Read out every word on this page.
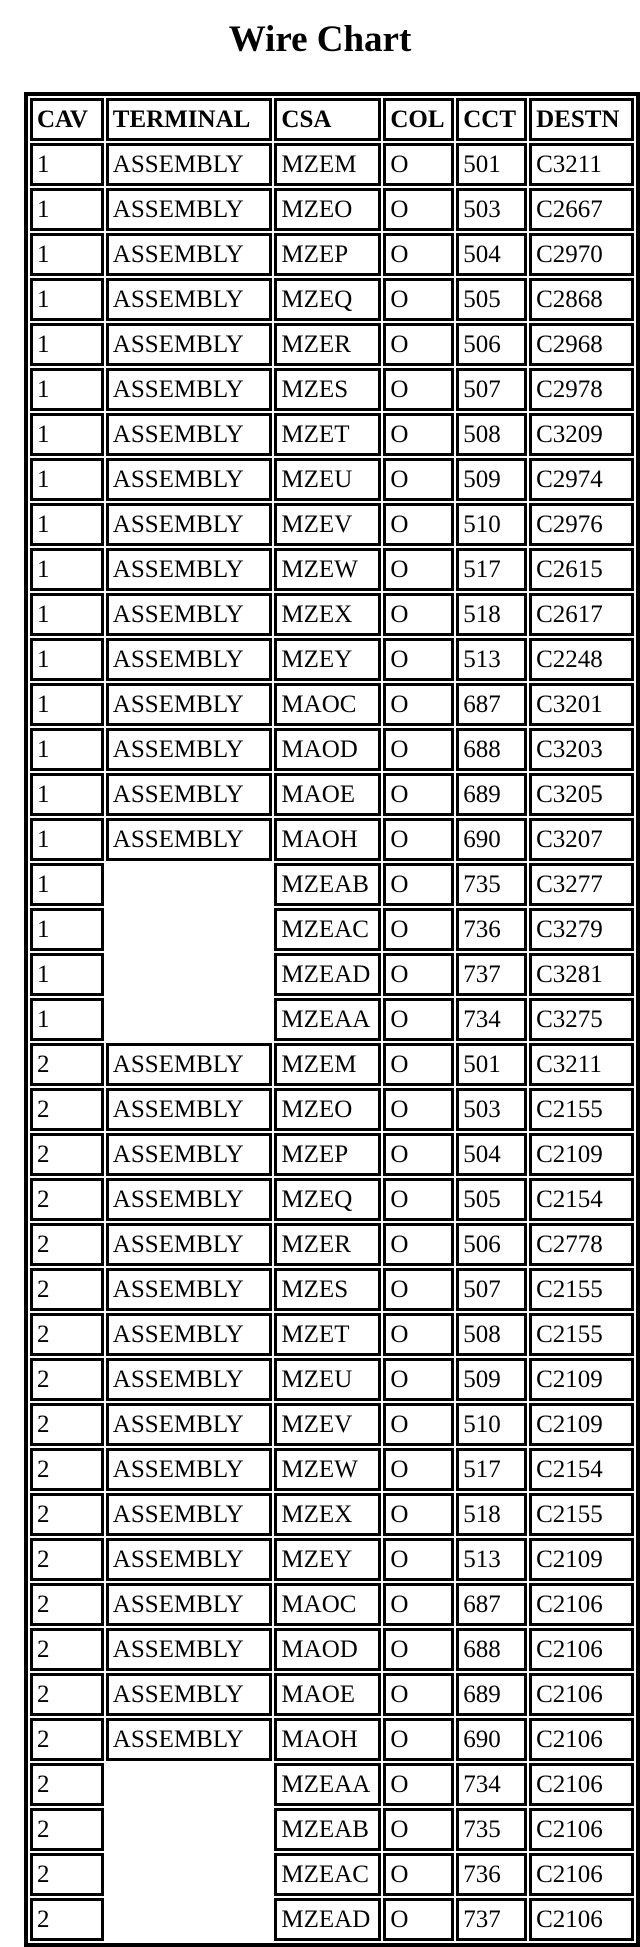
Wire Chart
CAV	TERMINAL	CSA	COL	CCT	DESTN
1	ASSEMBLY	MZEM	O	501	C3211
1	ASSEMBLY	MZEO	O	503	C2667
1	ASSEMBLY	MZEP	O	504	C2970
1	ASSEMBLY	MZEQ	O	505	C2868
1	ASSEMBLY	MZER	O	506	C2968
1	ASSEMBLY	MZES	O	507	C2978
1	ASSEMBLY	MZET	O	508	C3209
1	ASSEMBLY	MZEU	O	509	C2974
1	ASSEMBLY	MZEV	O	510	C2976
1	ASSEMBLY	MZEW	O	517	C2615
1	ASSEMBLY	MZEX	O	518	C2617
1	ASSEMBLY	MZEY	O	513	C2248
1	ASSEMBLY	MAOC	O	687	C3201
1	ASSEMBLY	MAOD	O	688	C3203
1	ASSEMBLY	MAOE	O	689	C3205
1	ASSEMBLY	MAOH	O	690	C3207
1		MZEAB	O	735	C3277
1		MZEAC	O	736	C3279
1		MZEAD	O	737	C3281
1		MZEAA	O	734	C3275
2	ASSEMBLY	MZEM	O	501	C3211
2	ASSEMBLY	MZEO	O	503	C2155
2	ASSEMBLY	MZEP	O	504	C2109
2	ASSEMBLY	MZEQ	O	505	C2154
2	ASSEMBLY	MZER	O	506	C2778
2	ASSEMBLY	MZES	O	507	C2155
2	ASSEMBLY	MZET	O	508	C2155
2	ASSEMBLY	MZEU	O	509	C2109
2	ASSEMBLY	MZEV	O	510	C2109
2	ASSEMBLY	MZEW	O	517	C2154
2	ASSEMBLY	MZEX	O	518	C2155
2	ASSEMBLY	MZEY	O	513	C2109
2	ASSEMBLY	MAOC	O	687	C2106
2	ASSEMBLY	MAOD	O	688	C2106
2	ASSEMBLY	MAOE	O	689	C2106
2	ASSEMBLY	MAOH	O	690	C2106
2		MZEAA	O	734	C2106
2		MZEAB	O	735	C2106
2		MZEAC	O	736	C2106
2		MZEAD	O	737	C2106
